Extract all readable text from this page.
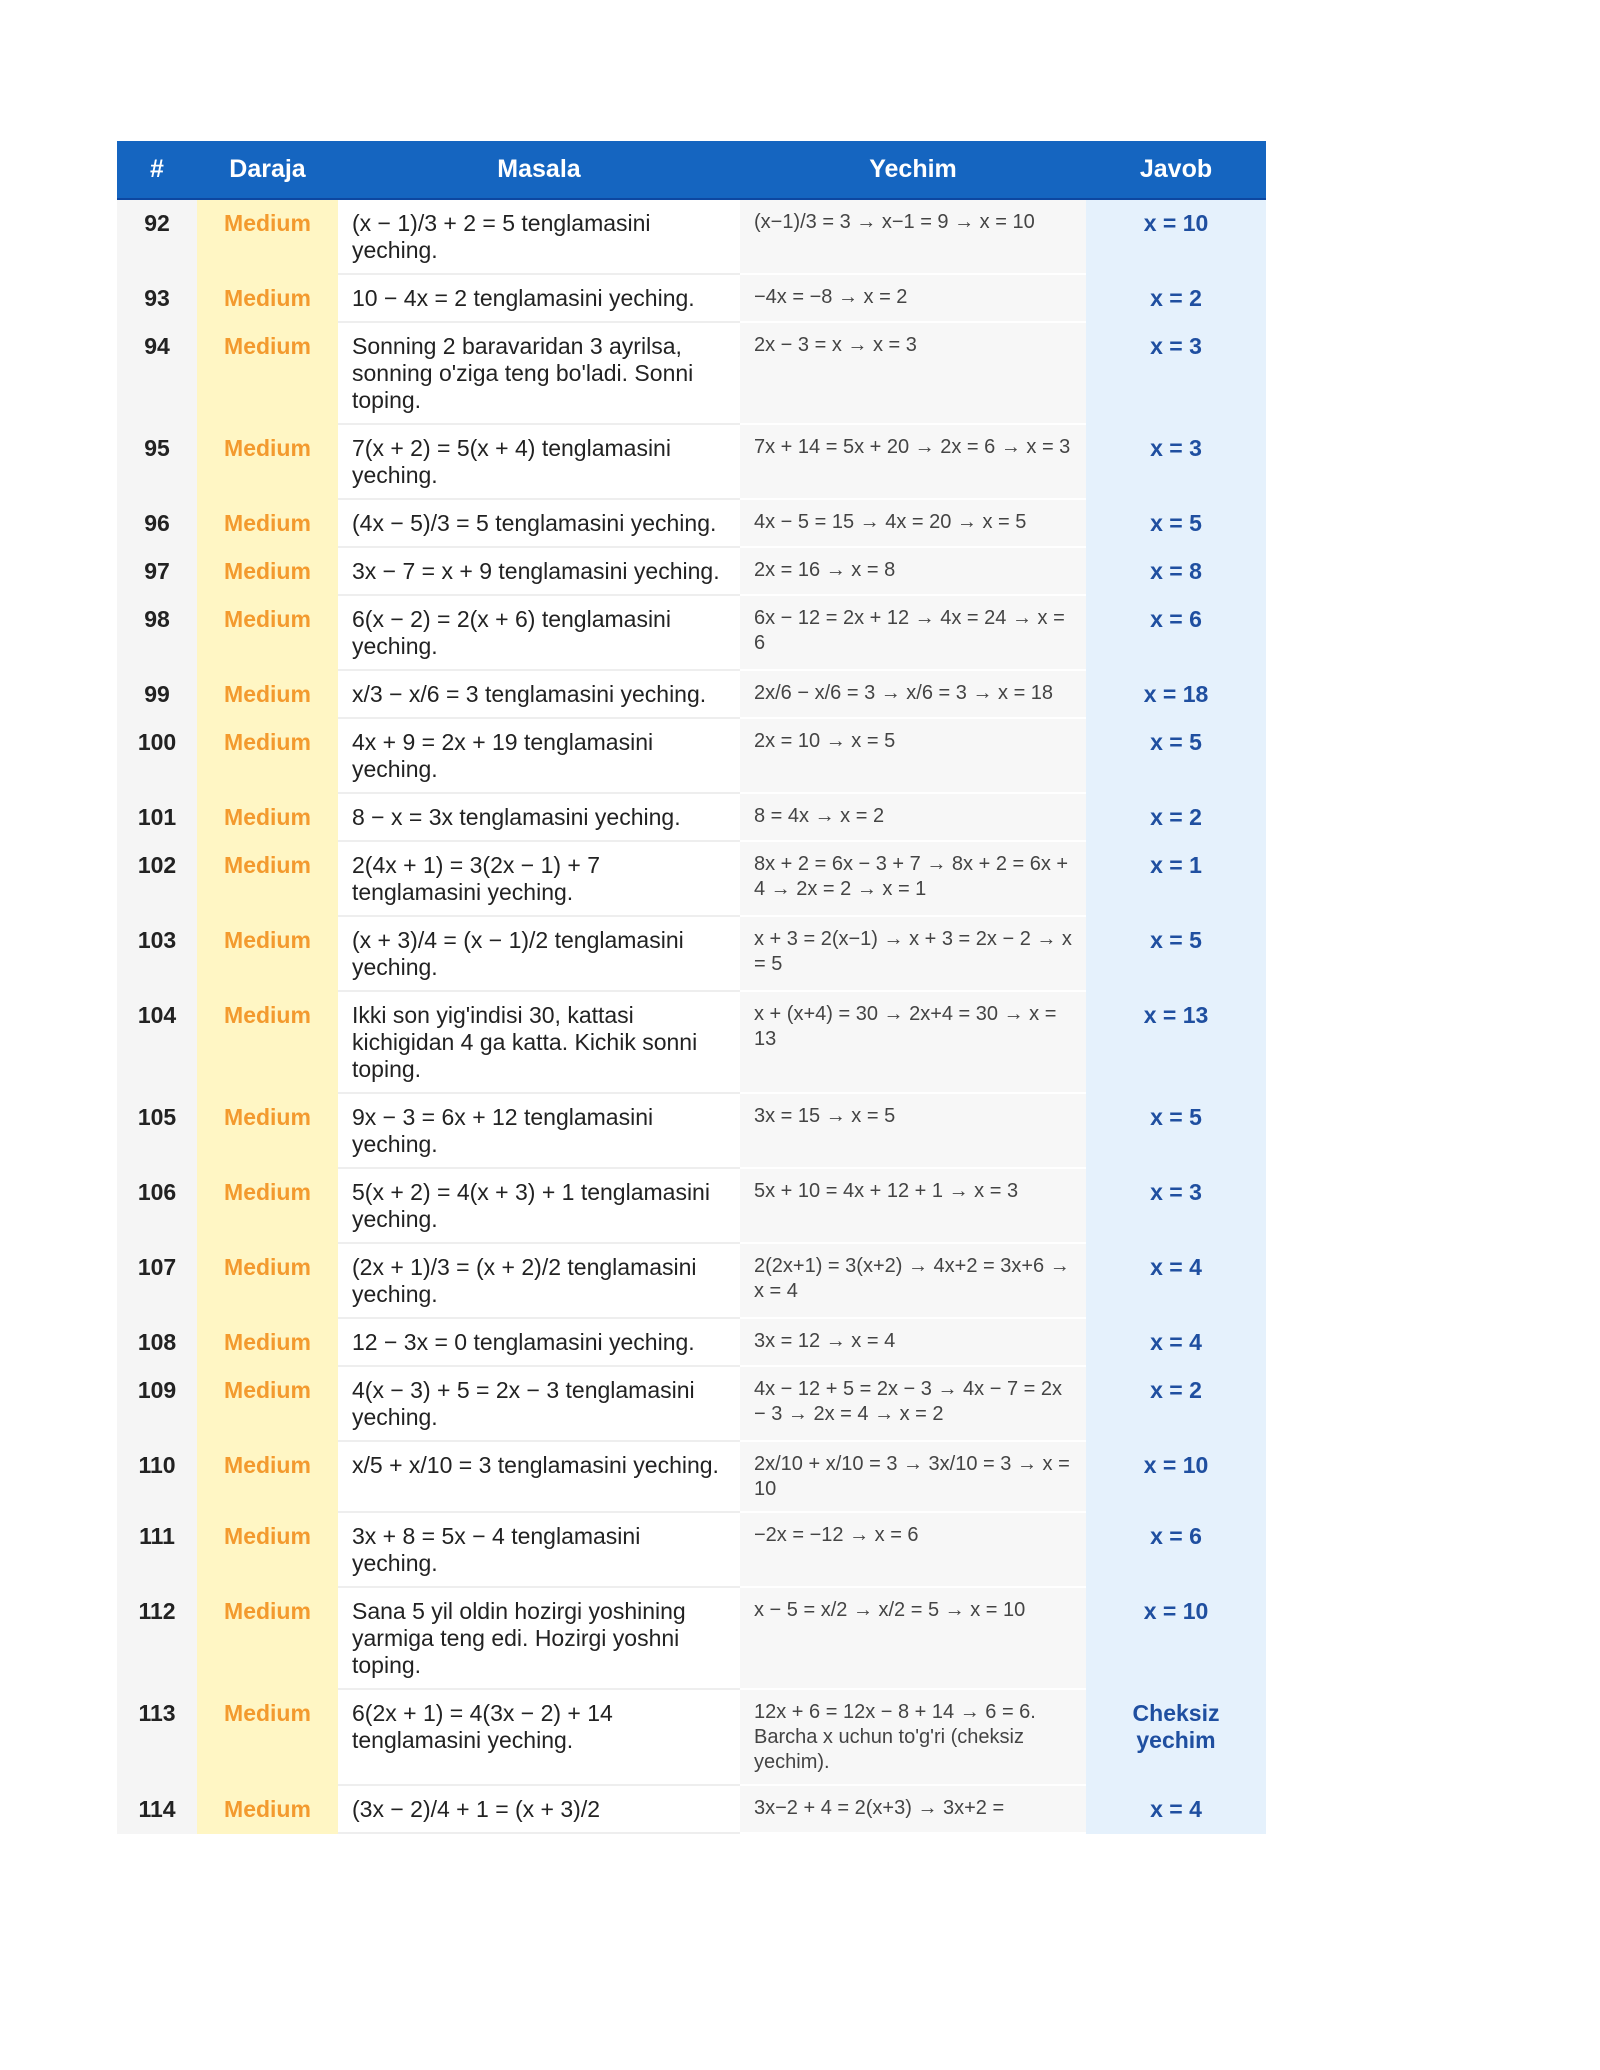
#	Daraja	Masala	Yechim	Javob
92	Medium	(x − 1)/3 + 2 = 5 tenglamasini yeching.	(x−1)/3 = 3 → x−1 = 9 → x = 10	x = 10
93	Medium	10 − 4x = 2 tenglamasini yeching.	−4x = −8 → x = 2	x = 2
94	Medium	Sonning 2 baravaridan 3 ayrilsa, sonning o'ziga teng bo'ladi. Sonni toping.	2x − 3 = x → x = 3	x = 3
95	Medium	7(x + 2) = 5(x + 4) tenglamasini yeching.	7x + 14 = 5x + 20 → 2x = 6 → x = 3	x = 3
96	Medium	(4x − 5)/3 = 5 tenglamasini yeching.	4x − 5 = 15 → 4x = 20 → x = 5	x = 5
97	Medium	3x − 7 = x + 9 tenglamasini yeching.	2x = 16 → x = 8	x = 8
98	Medium	6(x − 2) = 2(x + 6) tenglamasini yeching.	6x − 12 = 2x + 12 → 4x = 24 → x = 6	x = 6
99	Medium	x/3 − x/6 = 3 tenglamasini yeching.	2x/6 − x/6 = 3 → x/6 = 3 → x = 18	x = 18
100	Medium	4x + 9 = 2x + 19 tenglamasini yeching.	2x = 10 → x = 5	x = 5
101	Medium	8 − x = 3x tenglamasini yeching.	8 = 4x → x = 2	x = 2
102	Medium	2(4x + 1) = 3(2x − 1) + 7 tenglamasini yeching.	8x + 2 = 6x − 3 + 7 → 8x + 2 = 6x + 4 → 2x = 2 → x = 1	x = 1
103	Medium	(x + 3)/4 = (x − 1)/2 tenglamasini yeching.	x + 3 = 2(x−1) → x + 3 = 2x − 2 → x = 5	x = 5
104	Medium	Ikki son yig'indisi 30, kattasi kichigidan 4 ga katta. Kichik sonni toping.	x + (x+4) = 30 → 2x+4 = 30 → x = 13	x = 13
105	Medium	9x − 3 = 6x + 12 tenglamasini yeching.	3x = 15 → x = 5	x = 5
106	Medium	5(x + 2) = 4(x + 3) + 1 tenglamasini yeching.	5x + 10 = 4x + 12 + 1 → x = 3	x = 3
107	Medium	(2x + 1)/3 = (x + 2)/2 tenglamasini yeching.	2(2x+1) = 3(x+2) → 4x+2 = 3x+6 → x = 4	x = 4
108	Medium	12 − 3x = 0 tenglamasini yeching.	3x = 12 → x = 4	x = 4
109	Medium	4(x − 3) + 5 = 2x − 3 tenglamasini yeching.	4x − 12 + 5 = 2x − 3 → 4x − 7 = 2x − 3 → 2x = 4 → x = 2	x = 2
110	Medium	x/5 + x/10 = 3 tenglamasini yeching.	2x/10 + x/10 = 3 → 3x/10 = 3 → x = 10	x = 10
111	Medium	3x + 8 = 5x − 4 tenglamasini yeching.	−2x = −12 → x = 6	x = 6
112	Medium	Sana 5 yil oldin hozirgi yoshining yarmiga teng edi. Hozirgi yoshni toping.	x − 5 = x/2 → x/2 = 5 → x = 10	x = 10
113	Medium	6(2x + 1) = 4(3x − 2) + 14 tenglamasini yeching.	12x + 6 = 12x − 8 + 14 → 6 = 6. Barcha x uchun to'g'ri (cheksiz yechim).	Cheksiz yechim
114	Medium	(3x − 2)/4 + 1 = (x + 3)/2	3x−2 + 4 = 2(x+3) → 3x+2 =	x = 4
